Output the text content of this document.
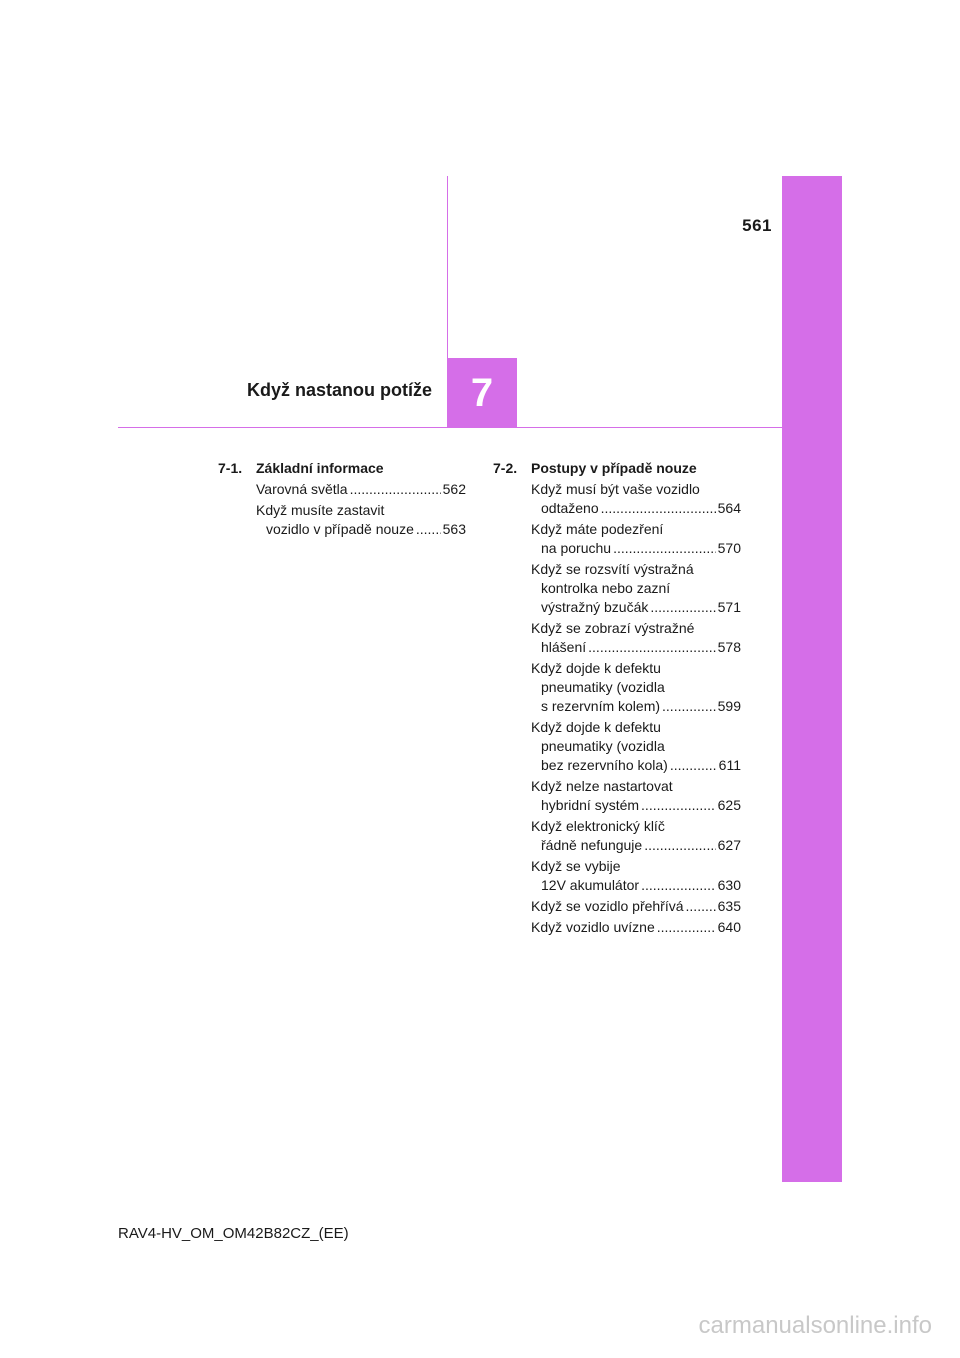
561
7
Když nastanou potíže
7-1. Základní informace
Varovná světla .....	562
Když musíte zastavit
vozidlo v případě nouze ..... 563
7-2. Postupy v případě nouze
Když musí být vaše vozidlo
odtaženo .....	564
Když máte podezření
na poruchu .....	570
Když se rozsvítí výstražná
kontrolka nebo zazní
výstražný bzučák .....	571
Když se zobrazí výstražné
hlášení .....	578
Když dojde k defektu
pneumatiky (vozidla
s rezervním kolem) .....	599
Když dojde k defektu
pneumatiky (vozidla
bez rezervního kola) .....	611
Když nelze nastartovat
hybridní systém .....	625
Když elektronický klíč
řádně nefunguje .....	627
Když se vybije
12V akumulátor .....	630
Když se vozidlo přehřívá ..... 635
Když vozidlo uvízne .....	640
RAV4-HV_OM_OM42B82CZ_(EE)
carmanualsonline.info
